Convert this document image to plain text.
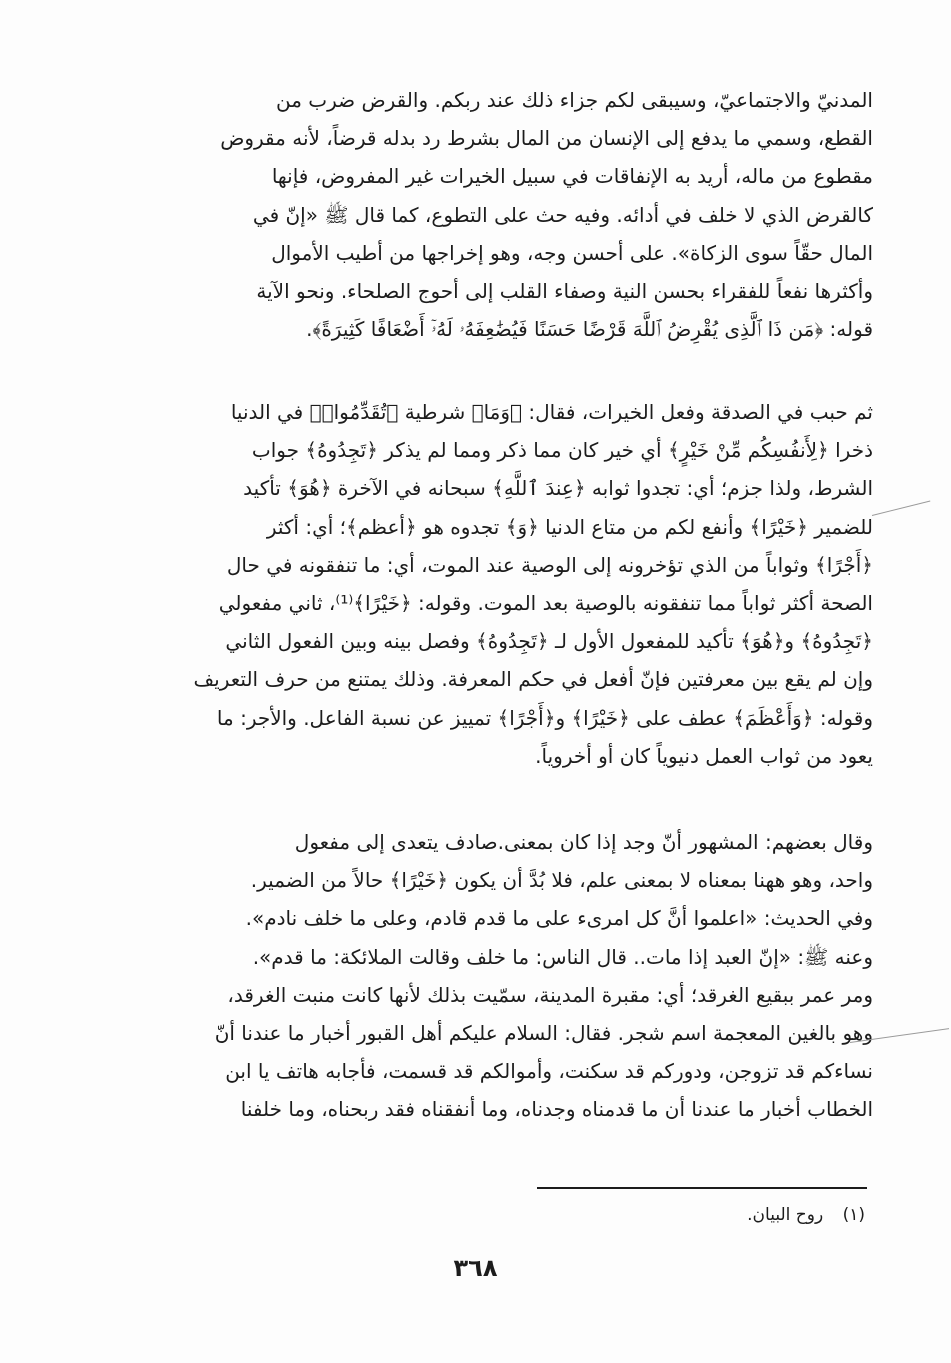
المدنيّ والاجتماعيّ، وسيبقى لكم جزاء ذلك عند ربكم. والقرض ضرب من
القطع، وسمي ما يدفع إلى الإنسان من المال بشرط رد بدله قرضاً، لأنه مقروض
مقطوع من ماله، أريد به الإنفاقات في سبيل الخيرات غير المفروض، فإنها
كالقرض الذي لا خلف في أدائه. وفيه حث على التطوع، كما قال ﷺ «إنّ في
المال حقّاً سوى الزكاة». على أحسن وجه، وهو إخراجها من أطيب الأموال
وأكثرها نفعاً للفقراء بحسن النية وصفاء القلب إلى أحوج الصلحاء. ونحو الآية
قوله: ﴿مَن ذَا ٱلَّذِى يُقْرِضُ ٱللَّهَ قَرْضًا حَسَنًا فَيُضَٰعِفَهُۥ لَهُۥٓ أَضْعَافًا كَثِيرَةً﴾.
ثم حبب في الصدقة وفعل الخيرات، فقال: ﴿وَمَا﴾ شرطية ﴿تُقَدِّمُوا۟﴾ في الدنيا
ذخرا ﴿لِأَنفُسِكُم مِّنْ خَيْرٍ﴾ أي خير كان مما ذكر ومما لم يذكر ﴿تَجِدُوهُ﴾ جواب
الشرط، ولذا جزم؛ أي: تجدوا ثوابه ﴿عِندَ ٱللَّهِ﴾ سبحانه في الآخرة ﴿هُوَ﴾ تأكيد
للضمير ﴿خَيْرًا﴾ وأنفع لكم من متاع الدنيا ﴿وَ﴾ تجدوه هو ﴿أعظم﴾؛ أي: أكثر
﴿أَجْرًا﴾ وثواباً من الذي تؤخرونه إلى الوصية عند الموت، أي: ما تنفقونه في حال
الصحة أكثر ثواباً مما تنفقونه بالوصية بعد الموت. وقوله: ﴿خَيْرًا﴾⁽¹⁾، ثاني مفعولي
﴿تَجِدُوهُ﴾ و﴿هُوَ﴾ تأكيد للمفعول الأول لـ ﴿تَجِدُوهُ﴾ وفصل بينه وبين الفعول الثاني
وإن لم يقع بين معرفتين فإنّ أفعل في حكم المعرفة. وذلك يمتنع من حرف التعريف
وقوله: ﴿وَأَعْظَمَ﴾ عطف على ﴿خَيْرًا﴾ و﴿أَجْرًا﴾ تمييز عن نسبة الفاعل. والأجر: ما
يعود من ثواب العمل دنيوياً كان أو أخروياً.
وقال بعضهم: المشهور أنّ وجد إذا كان بمعنى.صادف يتعدى إلى مفعول
واحد، وهو ههنا بمعناه لا بمعنى علم، فلا بُدَّ أن يكون ﴿خَيْرًا﴾ حالاً من الضمير.
وفي الحديث: «اعلموا أنَّ كل امرىء على ما قدم قادم، وعلى ما خلف نادم».
وعنه ﷺ: «إنّ العبد إذا مات.. قال الناس: ما خلف وقالت الملائكة: ما قدم».
ومر عمر ببقيع الغرقد؛ أي: مقبرة المدينة، سمّيت بذلك لأنها كانت منبت الغرقد،
وهو بالغين المعجمة اسم شجر. فقال: السلام عليكم أهل القبور أخبار ما عندنا أنّ
نساءكم قد تزوجن، ودوركم قد سكنت، وأموالكم قد قسمت، فأجابه هاتف يا ابن
الخطاب أخبار ما عندنا أن ما قدمناه وجدناه، وما أنفقناه فقد ربحناه، وما خلفنا
(١) روح البيان.
٣٦٨
